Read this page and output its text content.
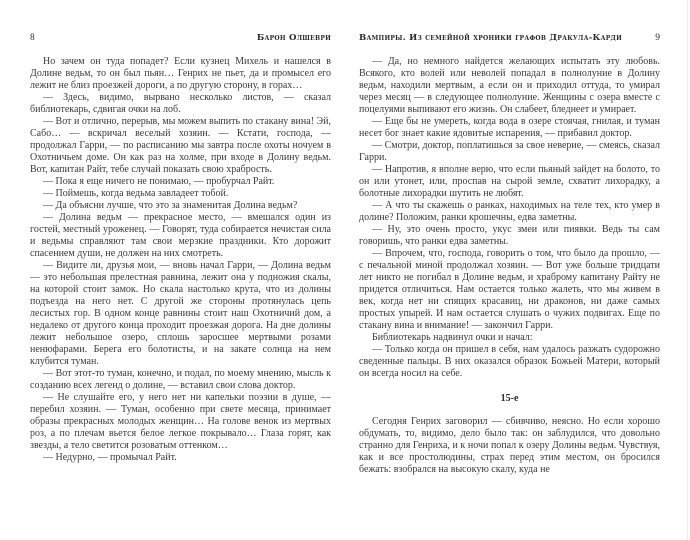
8	Барон Олшеври

Но зачем он туда попадет? Если кузнец Михель и нашелся в Долине ведьм, то он был пьян… Генрих не пьет, да и промысел его лежит не близ проезжей дороги, а по другую сторону, в горах…

— Здесь, видимо, вырвано несколько листов, — сказал библиотекарь, сдвигая очки на лоб.

— Вот и отлично, перерыв, мы можем выпить по стакану вина! Эй, Сабо… — вскричал веселый хозяин. — Кстати, господа, — продолжал Гарри, — по расписанию мы завтра после охоты ночуем в Охотничьем доме. Он как раз на холме, при входе в Долину ведьм. Вот, капитан Райт, тебе случай показать свою храбрость.

— Пока я еще ничего не понимаю, — пробурчал Райт.

— Поймешь, когда ведьма завладеет тобой.

— Да объясни лучше, что это за знаменитая Долина ведьм?

— Долина ведьм — прекрасное место, — вмешался один из гостей, местный уроженец. — Говорят, туда собирается нечистая сила и ведьмы справляют там свои мерзкие праздники. Кто дорожит спасением души, не должен на них смотреть.

— Видите ли, друзья мои, — вновь начал Гарри, — Долина ведьм — это небольшая прелестная равнина, лежит она у подножия скалы, на которой стоит замок. Но скала настолько крута, что из долины подъезда на него нет. С другой же стороны протянулась цепь лесистых гор. В одном конце равнины стоит наш Охотничий дом, а недалеко от другого конца проходит проезжая дорога. На дне долины лежит небольшое озеро, сплошь заросшее мертвыми розами ненюфарами. Берега его болотисты, и на закате солнца на нем клубится туман.

— Вот этот-то туман, конечно, и подал, по моему мнению, мысль к созданию всех легенд о долине, — вставил свои слова доктор.

— Не слушайте его, у него нет ни капельки поэзии в душе, — перебил хозяин. — Туман, особенно при свете месяца, принимает образы прекрасных молодых женщин… На голове венок из мертвых роз, а по плечам вьется белое легкое покрывало… Глаза горят, как звезды, а тело светится розоватым оттенком…

— Недурно, — промычал Райт.

Вампиры. Из семейной хроники графов Дракула-Карди	9

— Да, но немного найдется желающих испытать эту любовь. Всякого, кто волей или неволей попадал в полнолуние в Долину ведьм, находили мертвым, а если он и приходил оттуда, то умирал через месяц — в следующее полнолуние. Женщины с озера вместе с поцелуями выпивают его жизнь. Он слабеет, бледнеет и умирает.

— Еще бы не умереть, когда вода в озере стоячая, гнилая, и туман несет бог знает какие ядовитые испарения, — прибавил доктор.

— Смотри, доктор, поплатишься за свое неверие, — смеясь, сказал Гарри.

— Напротив, я вполне верю, что если пьяный зайдет на болото, то он или утонет, или, проспав на сырой земле, схватит лихорадку, а болотные лихорадки шутить не любят.

— А что ты скажешь о ранках, находимых на теле тех, кто умер в долине? Положим, ранки крошечны, едва заметны.

— Ну, это очень просто, укус змеи или пиявки. Ведь ты сам говоришь, что ранки едва заметны.

— Впрочем, что, господа, говорить о том, что было да прошло, — с печальной миной продолжал хозяин. — Вот уже больше тридцати лет никто не погибал в Долине ведьм, и храброму капитану Райту не придется отличиться. Нам остается только жалеть, что мы живем в век, когда нет ни спящих красавиц, ни драконов, ни даже самых простых упырей. И нам остается слушать о чужих подвигах. Еще по стакану вина и внимание! — закончил Гарри.

Библиотекарь надвинул очки и начал:

— Только когда он пришел в себя, нам удалось разжать судорожно сведенные пальцы. В них оказался образок Божьей Матери, который он всегда носил на себе.

15-е

Сегодня Генрих заговорил — сбивчиво, неясно. Но если хорошо обдумать, то, видимо, дело было так: он заблудился, что довольно странно для Генриха, и к ночи попал к озеру Долины ведьм. Чувствуя, как и все простолюдины, страх перед этим местом, он бросился бежать: взобрался на высокую скалу, куда не
